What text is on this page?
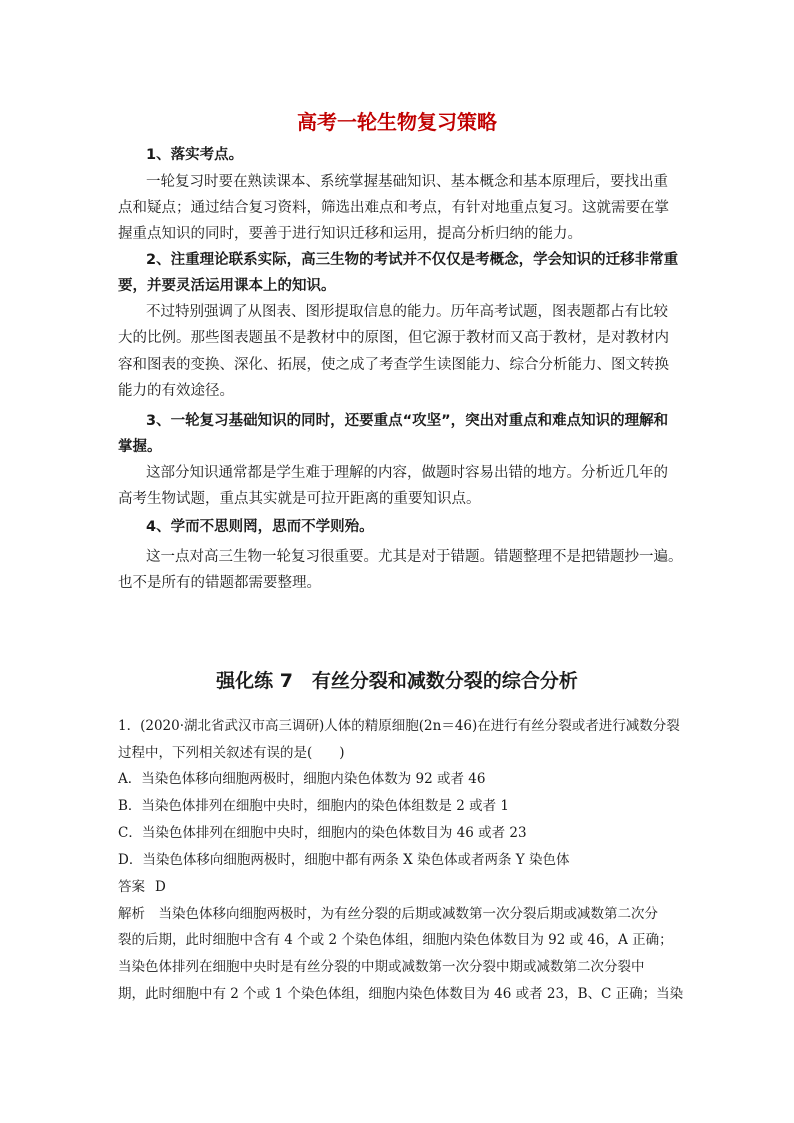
高考一轮生物复习策略
1、落实考点。
一轮复习时要在熟读课本、系统掌握基础知识、基本概念和基本原理后，要找出重
点和疑点；通过结合复习资料，筛选出难点和考点，有针对地重点复习。这就需要在掌
握重点知识的同时，要善于进行知识迁移和运用，提高分析归纳的能力。
2、注重理论联系实际，高三生物的考试并不仅仅是考概念，学会知识的迁移非常重
要，并要灵活运用课本上的知识。
不过特别强调了从图表、图形提取信息的能力。历年高考试题，图表题都占有比较
大的比例。那些图表题虽不是教材中的原图，但它源于教材而又高于教材，是对教材内
容和图表的变换、深化、拓展，使之成了考查学生读图能力、综合分析能力、图文转换
能力的有效途径。
3、一轮复习基础知识的同时，还要重点“攻坚”，突出对重点和难点知识的理解和
掌握。
这部分知识通常都是学生难于理解的内容，做题时容易出错的地方。分析近几年的
高考生物试题，重点其实就是可拉开距离的重要知识点。
4、学而不思则罔，思而不学则殆。
这一点对高三生物一轮复习很重要。尤其是对于错题。错题整理不是把错题抄一遍。
也不是所有的错题都需要整理。
强化练 7　有丝分裂和减数分裂的综合分析
1．(2020·湖北省武汉市高三调研)人体的精原细胞(2n＝46)在进行有丝分裂或者进行减数分裂
过程中，下列相关叙述有误的是(　　)
A．当染色体移向细胞两极时，细胞内染色体数为 92 或者 46
B．当染色体排列在细胞中央时，细胞内的染色体组数是 2 或者 1
C．当染色体排列在细胞中央时，细胞内的染色体数目为 46 或者 23
D．当染色体移向细胞两极时，细胞中都有两条 X 染色体或者两条 Y 染色体
答案 D
解析　当染色体移向细胞两极时，为有丝分裂的后期或减数第一次分裂后期或减数第二次分
裂的后期，此时细胞中含有 4 个或 2 个染色体组，细胞内染色体数目为 92 或 46，A 正确；
当染色体排列在细胞中央时是有丝分裂的中期或减数第一次分裂中期或减数第二次分裂中
期，此时细胞中有 2 个或 1 个染色体组，细胞内染色体数目为 46 或者 23，B、C 正确；当染
